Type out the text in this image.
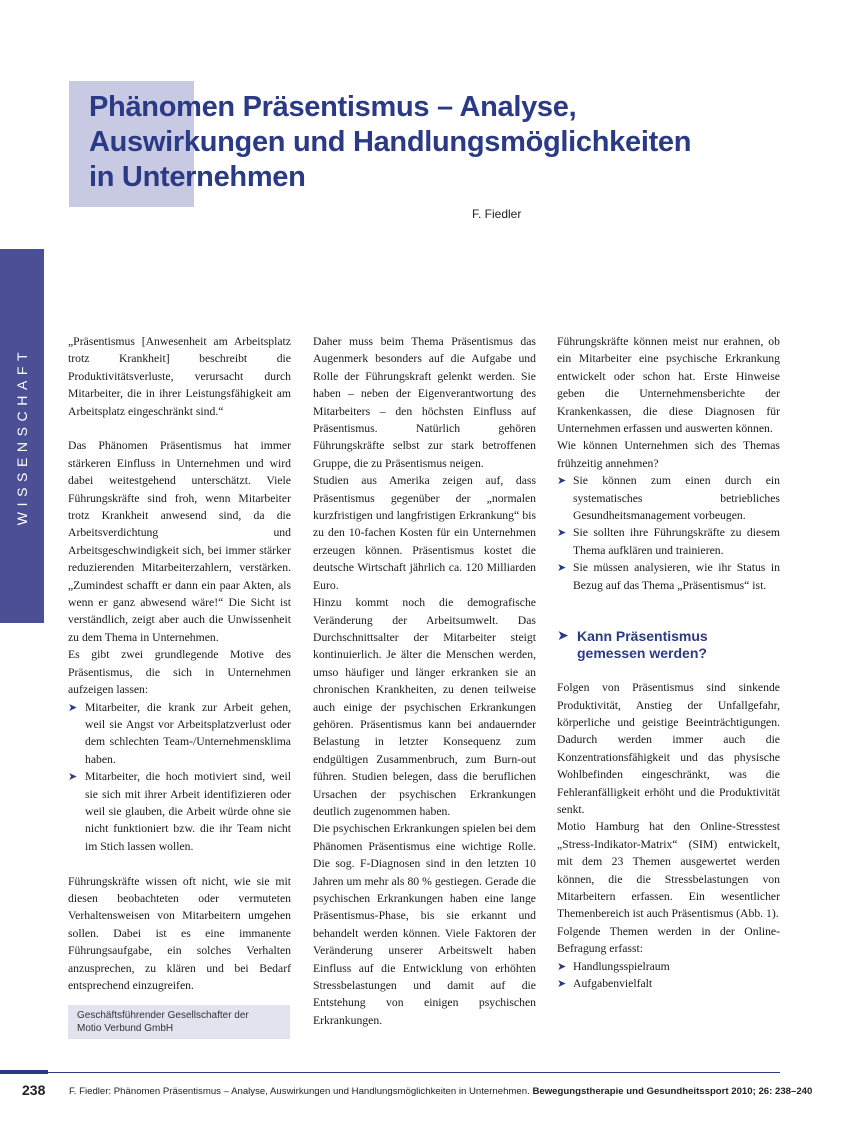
Phänomen Präsentismus – Analyse,
Auswirkungen und Handlungsmöglichkeiten
in Unternehmen
F. Fiedler
WISSENSCHAFT

„Präsentismus [Anwesenheit am Arbeitsplatz trotz Krankheit] beschreibt die Produktivitätsverluste, verursacht durch Mitarbeiter, die in ihrer Leistungsfähigkeit am Arbeitsplatz eingeschränkt sind.“

Das Phänomen Präsentismus hat immer stärkeren Einfluss in Unternehmen und wird dabei weitestgehend unterschätzt. Viele Führungskräfte sind froh, wenn Mitarbeiter trotz Krankheit anwesend sind, da die Arbeitsverdichtung und Arbeitsgeschwindigkeit sich, bei immer stärker reduzierenden Mitarbeiterzahlern, verstärken. „Zumindest schafft er dann ein paar Akten, als wenn er ganz abwesend wäre!“ Die Sicht ist verständlich, zeigt aber auch die Unwissenheit zu dem Thema in Unternehmen.

Es gibt zwei grundlegende Motive des Präsentismus, die sich in Unternehmen aufzeigen lassen:

➤ Mitarbeiter, die krank zur Arbeit gehen, weil sie Angst vor Arbeitsplatzverlust oder dem schlechten Team-/Unternehmensklima haben.
➤ Mitarbeiter, die hoch motiviert sind, weil sie sich mit ihrer Arbeit identifizieren oder weil sie glauben, die Arbeit würde ohne sie nicht funktioniert bzw. die ihr Team nicht im Stich lassen wollen.

Führungskräfte wissen oft nicht, wie sie mit diesen beobachteten oder vermuteten Verhaltensweisen von Mitarbeitern umgehen sollen. Dabei ist es eine immanente Führungsaufgabe, ein solches Verhalten anzusprechen, zu klären und bei Bedarf entsprechend einzugreifen.

Geschäftsführender Gesellschafter der
Motio Verbund GmbH

Daher muss beim Thema Präsentismus das Augenmerk besonders auf die Aufgabe und Rolle der Führungskraft gelenkt werden. Sie haben – neben der Eigenverantwortung des Mitarbeiters – den höchsten Einfluss auf Präsentismus. Natürlich gehören Führungskräfte selbst zur stark betroffenen Gruppe, die zu Präsentismus neigen.

Studien aus Amerika zeigen auf, dass Präsentismus gegenüber der „normalen kurzfristigen und langfristigen Erkrankung“ bis zu den 10-fachen Kosten für ein Unternehmen erzeugen können. Präsentismus kostet die deutsche Wirtschaft jährlich ca. 120 Milliarden Euro.

Hinzu kommt noch die demografische Veränderung der Arbeitsumwelt. Das Durchschnittsalter der Mitarbeiter steigt kontinuierlich. Je älter die Menschen werden, umso häufiger und länger erkranken sie an chronischen Krankheiten, zu denen teilweise auch einige der psychischen Erkrankungen gehören. Präsentismus kann bei andauernder Belastung in letzter Konsequenz zum endgültigen Zusammenbruch, zum Burn-out führen. Studien belegen, dass die beruflichen Ursachen der psychischen Erkrankungen deutlich zugenommen haben.

Die psychischen Erkrankungen spielen bei dem Phänomen Präsentismus eine wichtige Rolle. Die sog. F-Diagnosen sind in den letzten 10 Jahren um mehr als 80 % gestiegen. Gerade die psychischen Erkrankungen haben eine lange Präsentismus-Phase, bis sie erkannt und behandelt werden können. Viele Faktoren der Veränderung unserer Arbeitswelt haben Einfluss auf die Entwicklung von erhöhten Stressbelastungen und damit auf die Entstehung von einigen psychischen Erkrankungen.

Führungskräfte können meist nur erahnen, ob ein Mitarbeiter eine psychische Erkrankung entwickelt oder schon hat. Erste Hinweise geben die Unternehmensberichte der Krankenkassen, die diese Diagnosen für Unternehmen erfassen und auswerten können.

Wie können Unternehmen sich des Themas frühzeitig annehmen?

➤ Sie können zum einen durch ein systematisches betriebliches Gesundheitsmanagement vorbeugen.
➤ Sie sollten ihre Führungskräfte zu diesem Thema aufklären und trainieren.
➤ Sie müssen analysieren, wie ihr Status in Bezug auf das Thema „Präsentismus“ ist.
➤ Kann Präsentismus
gemessen werden?

Folgen von Präsentismus sind sinkende Produktivität, Anstieg der Unfallgefahr, körperliche und geistige Beeinträchtigungen. Dadurch werden immer auch die Konzentrationsfähigkeit und das physische Wohlbefinden eingeschränkt, was die Fehleranfälligkeit erhöht und die Produktivität senkt.

Motio Hamburg hat den Online-Stresstest „Stress-Indikator-Matrix“ (SIM) entwickelt, mit dem 23 Themen ausgewertet werden können, die die Stressbelastungen von Mitarbeitern erfassen. Ein wesentlicher Themenbereich ist auch Präsentismus (Abb. 1).

Folgende Themen werden in der Online-Befragung erfasst:

➤ Handlungsspielraum
➤ Aufgabenvielfalt
238 F. Fiedler: Phänomen Präsentismus – Analyse, Auswirkungen und Handlungsmöglichkeiten in Unternehmen. Bewegungstherapie und Gesundheitssport 2010; 26: 238–240
